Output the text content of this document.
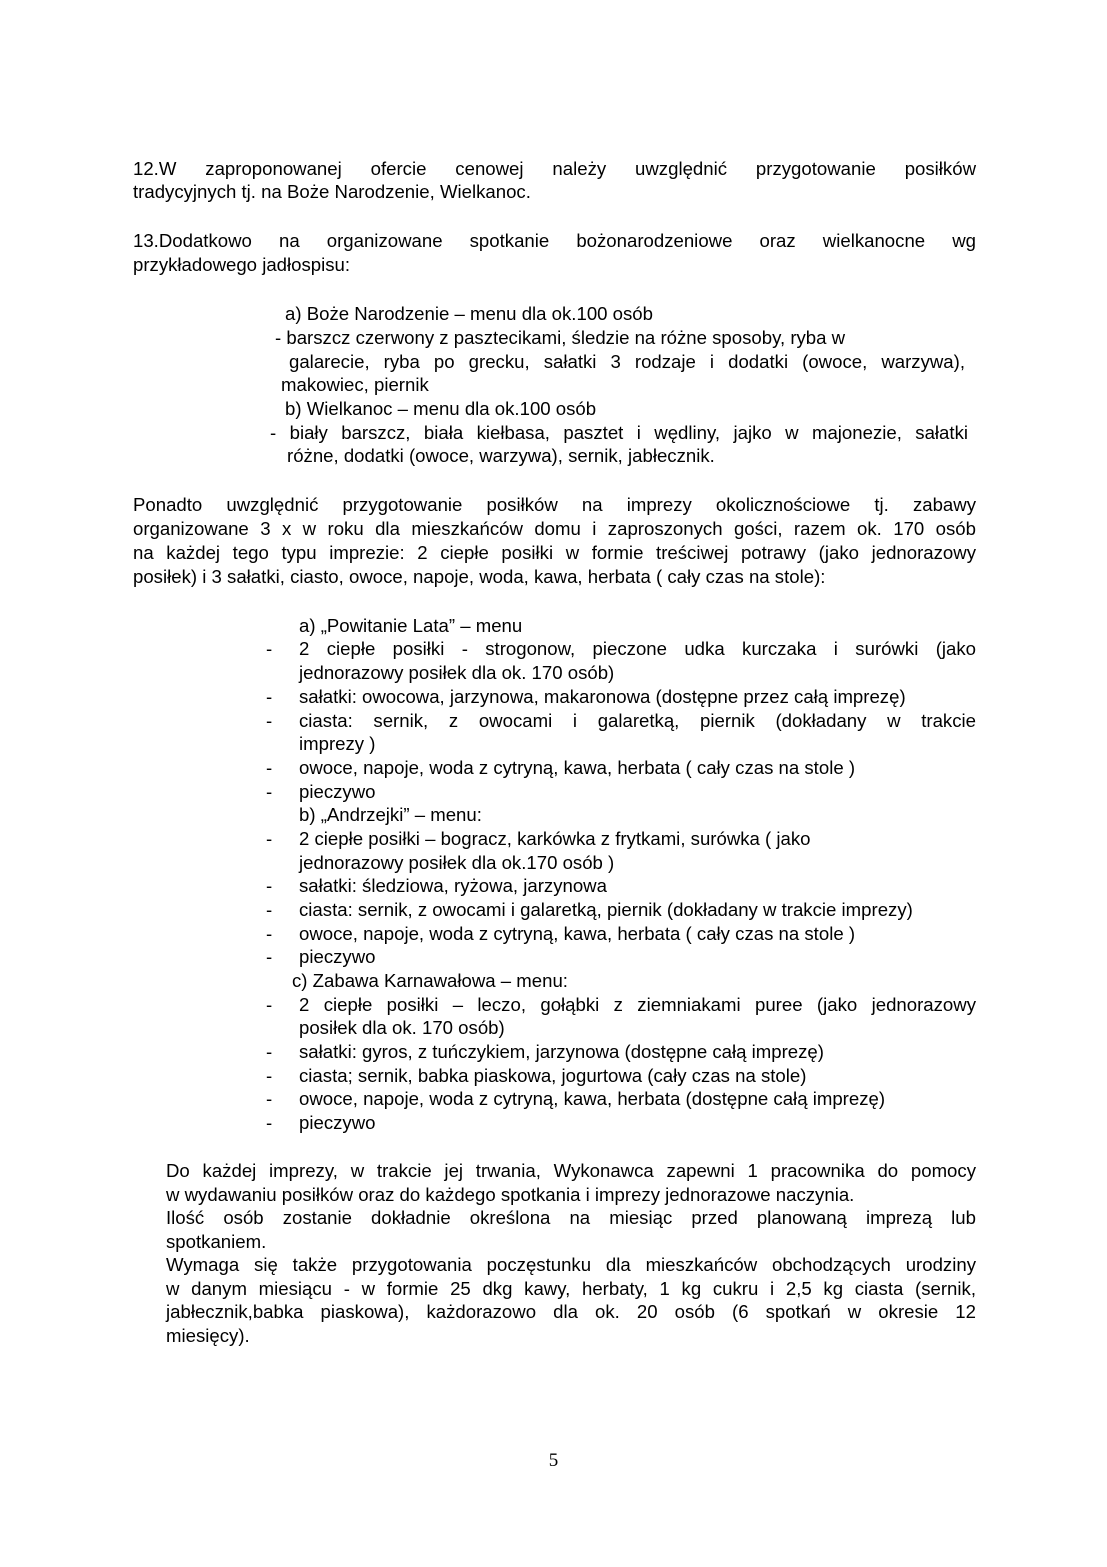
12.W zaproponowanej ofercie cenowej należy uwzględnić przygotowanie posiłków
tradycyjnych tj. na Boże Narodzenie, Wielkanoc.
13.Dodatkowo na organizowane spotkanie bożonarodzeniowe oraz wielkanocne wg
przykładowego jadłospisu:
a) Boże Narodzenie – menu dla ok.100 osób
- barszcz czerwony z pasztecikami, śledzie na różne sposoby, ryba w
galarecie, ryba po grecku, sałatki 3 rodzaje i dodatki (owoce, warzywa),
makowiec, piernik
b) Wielkanoc – menu dla ok.100 osób
- biały barszcz, biała kiełbasa, pasztet i wędliny, jajko w majonezie, sałatki
różne, dodatki (owoce, warzywa), sernik, jabłecznik.
Ponadto uwzględnić przygotowanie posiłków na imprezy okolicznościowe tj. zabawy
organizowane 3 x w roku dla mieszkańców domu i zaproszonych gości, razem ok. 170 osób
na każdej tego typu imprezie: 2 ciepłe posiłki w formie treściwej potrawy (jako jednorazowy
posiłek) i 3 sałatki, ciasto, owoce, napoje, woda, kawa, herbata ( cały czas na stole):
a) „Powitanie Lata” – menu
- 2 ciepłe posiłki - strogonow, pieczone udka kurczaka i surówki (jako
jednorazowy posiłek dla ok. 170 osób)
- sałatki: owocowa, jarzynowa, makaronowa (dostępne przez całą imprezę)
- ciasta: sernik, z owocami i galaretką, piernik (dokładany w trakcie
imprezy )
- owoce, napoje, woda z cytryną, kawa, herbata ( cały czas na stole )
- pieczywo
b) „Andrzejki” – menu:
- 2 ciepłe posiłki – bogracz, karkówka z frytkami, surówka ( jako
jednorazowy posiłek dla ok.170 osób )
- sałatki: śledziowa, ryżowa, jarzynowa
- ciasta: sernik, z owocami i galaretką, piernik (dokładany w trakcie imprezy)
- owoce, napoje, woda z cytryną, kawa, herbata ( cały czas na stole )
- pieczywo
c) Zabawa Karnawałowa – menu:
- 2 ciepłe posiłki – leczo, gołąbki z ziemniakami puree (jako jednorazowy
posiłek dla ok. 170 osób)
- sałatki: gyros, z tuńczykiem, jarzynowa (dostępne całą imprezę)
- ciasta; sernik, babka piaskowa, jogurtowa (cały czas na stole)
- owoce, napoje, woda z cytryną, kawa, herbata (dostępne całą imprezę)
- pieczywo
Do każdej imprezy, w trakcie jej trwania, Wykonawca zapewni 1 pracownika do pomocy
w wydawaniu posiłków oraz do każdego spotkania i imprezy jednorazowe naczynia.
Ilość osób zostanie dokładnie określona na miesiąc przed planowaną imprezą lub
spotkaniem.
Wymaga się także przygotowania poczęstunku dla mieszkańców obchodzących urodziny
w danym miesiącu - w formie 25 dkg kawy, herbaty, 1 kg cukru i 2,5 kg ciasta (sernik,
jabłecznik,babka piaskowa), każdorazowo dla ok. 20 osób (6 spotkań w okresie 12
miesięcy).
5
